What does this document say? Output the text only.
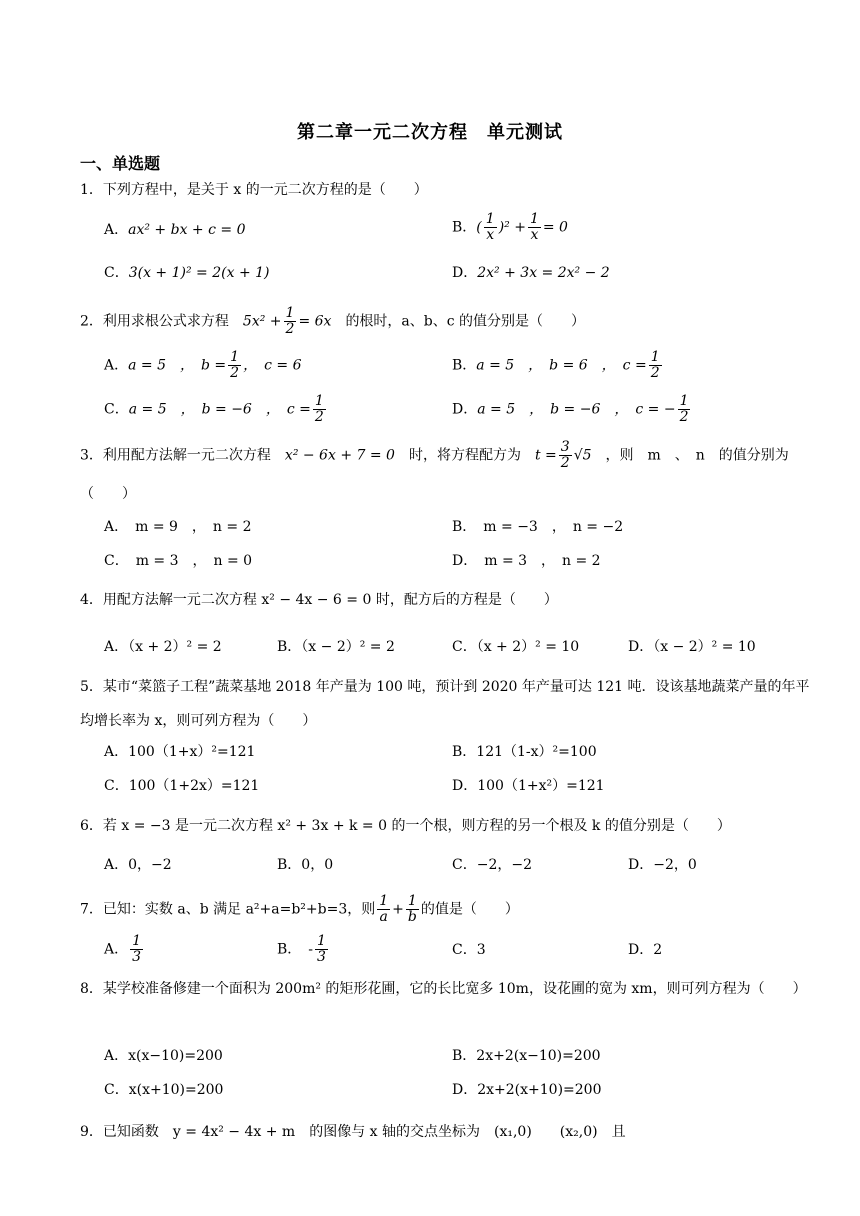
第二章一元二次方程　单元测试
一、单选题
1．下列方程中，是关于 x 的一元二次方程的是（　　）
A．ax² + bx + c = 0	B．( $\frac{1}{x} )^2 + \frac{1}{x} = 0$
C．3(x + 1)² = 2(x + 1)	D．2x² + 3x = 2x² − 2
2．利用求根公式求方程　 $5x^2 + \frac{1}{2} = 6x$　 的根时，a、b、c 的值分别是（　　）
A．a = 5　，　 $b = \frac{1}{2}$ ，　c = 6	B．a = 5　，　b = 6　，　$c = \frac{1}{2}$
C．a = 5　，　b = −6　，　$c = \frac{1}{2}$	D．a = 5　，　b = −6　，　c = − $\frac{1}{2}$
3．利用配方法解一元二次方程　 x² − 6x + 7 = 0　 时，将方程配方为　 $t = \frac{3}{2} √5$　 ，则　m　、　n　的值分别为
（　　）
A．　m = 9　，　n = 2	B．　m = −3　，　n = −2
C．　m = 3　，　n = 0	D．　m = 3　，　n = 2
4．用配方法解一元二次方程 x² − 4x − 6 = 0 时，配方后的方程是（　　）
A．（x + 2）² = 2	B．（x − 2）² = 2	C．（x + 2）² = 10	D．（x − 2）² = 10
5．某市“菜篮子工程”蔬菜基地 2018 年产量为 100 吨，预计到 2020 年产量可达 121 吨．设该基地蔬菜产量的年平均增长率为 x，则可列方程为（　　）
A．100（1+x）²=121	B．121（1-x）²=100
C．100（1+2x）=121	D．100（1+x²）=121
6．若 x = −3 是一元二次方程 x² + 3x + k = 0 的一个根，则方程的另一个根及 k 的值分别是（　　）
A．0，−2	B．0，0	C．−2，−2	D．−2，0
7．已知：实数 a、b 满足 a²+a=b²+b=3，则 $\frac{1}{a} + \frac{1}{b}$ 的值是（　　）
A． $\frac{1}{3}$	B．　- $\frac{1}{3}$	C．3	D．2
8．某学校准备修建一个面积为 200m² 的矩形花圃，它的长比宽多 10m，设花圃的宽为 xm，则可列方程为（　　）
A．x(x−10)=200	B．2x+2(x−10)=200
C．x(x+10)=200	D．2x+2(x+10)=200
9．已知函数　y = 4x² − 4x + m　的图像与 x 轴的交点坐标为　(x₁,0)　　(x₂,0)　且
